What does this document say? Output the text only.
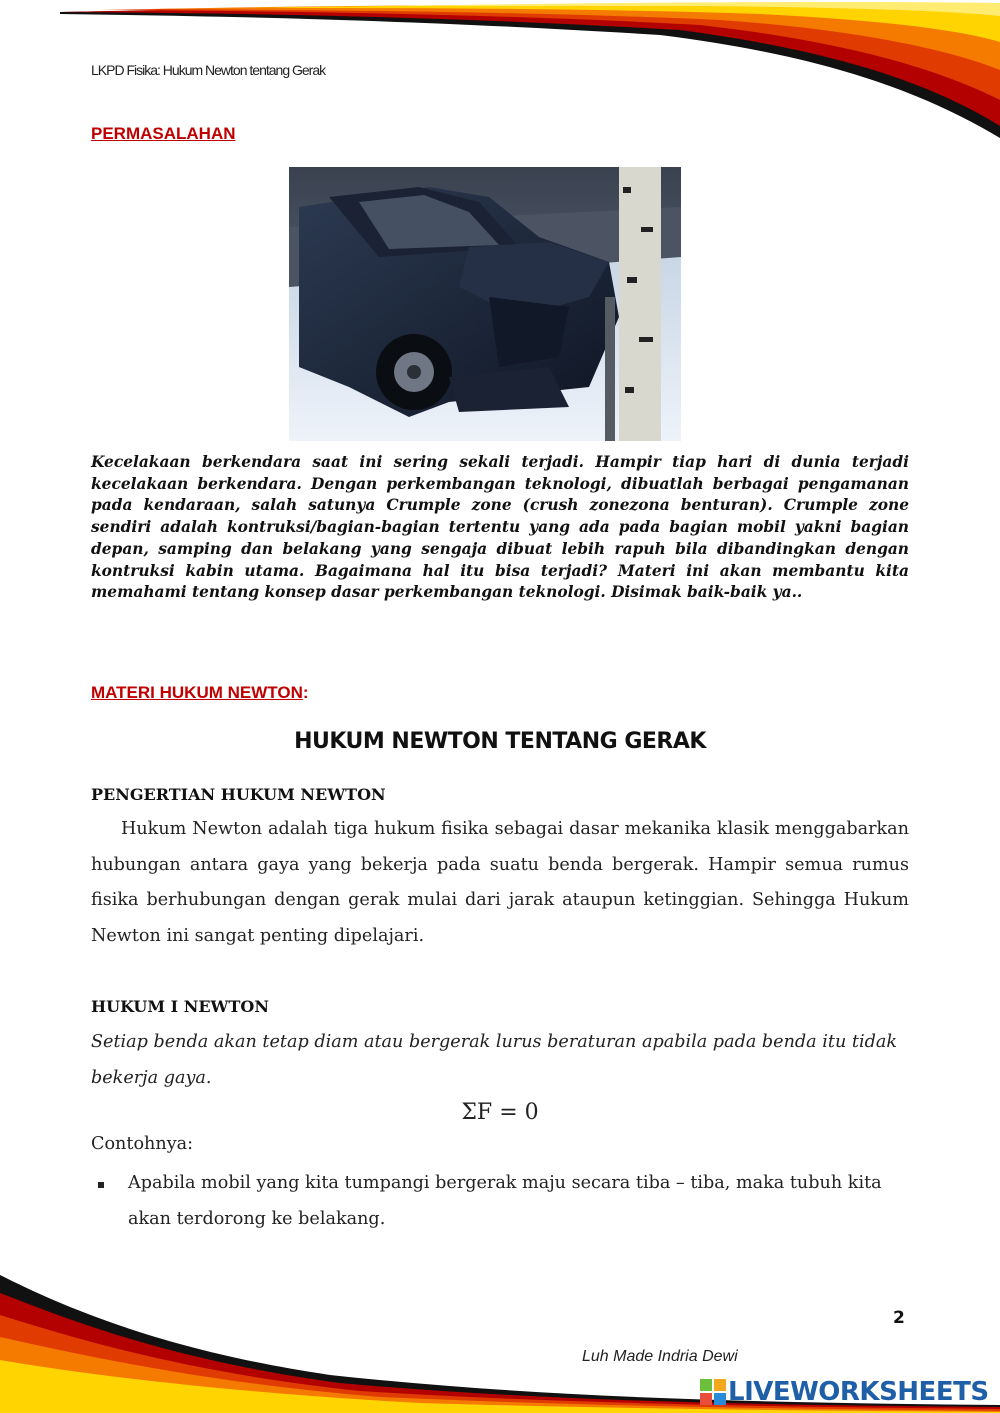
LKPD Fisika: Hukum Newton tentang Gerak
PERMASALAHAN
Kecelakaan berkendara saat ini sering sekali terjadi. Hampir tiap hari di dunia terjadi kecelakaan berkendara. Dengan perkembangan teknologi, dibuatlah berbagai pengamanan pada kendaraan, salah satunya Crumple zone (crush zonezona benturan). Crumple zone sendiri adalah kontruksi/bagian-bagian tertentu yang ada pada bagian mobil yakni bagian depan, samping dan belakang yang sengaja dibuat lebih rapuh bila dibandingkan dengan kontruksi kabin utama. Bagaimana hal itu bisa terjadi? Materi ini akan membantu kita memahami tentang konsep dasar perkembangan teknologi. Disimak baik-baik ya..
MATERI HUKUM NEWTON:
HUKUM NEWTON TENTANG GERAK
PENGERTIAN HUKUM NEWTON
Hukum Newton adalah tiga hukum fisika sebagai dasar mekanika klasik menggabarkan hubungan antara gaya yang bekerja pada suatu benda bergerak. Hampir semua rumus fisika berhubungan dengan gerak mulai dari jarak ataupun ketinggian. Sehingga Hukum Newton ini sangat penting dipelajari.
HUKUM I NEWTON
Setiap benda akan tetap diam atau bergerak lurus beraturan apabila pada benda itu tidak bekerja gaya.
ΣF = 0
Contohnya:
Apabila mobil yang kita tumpangi bergerak maju secara tiba – tiba, maka tubuh kita akan terdorong ke belakang.
2
Luh Made Indria Dewi
LIVEWORKSHEETS
